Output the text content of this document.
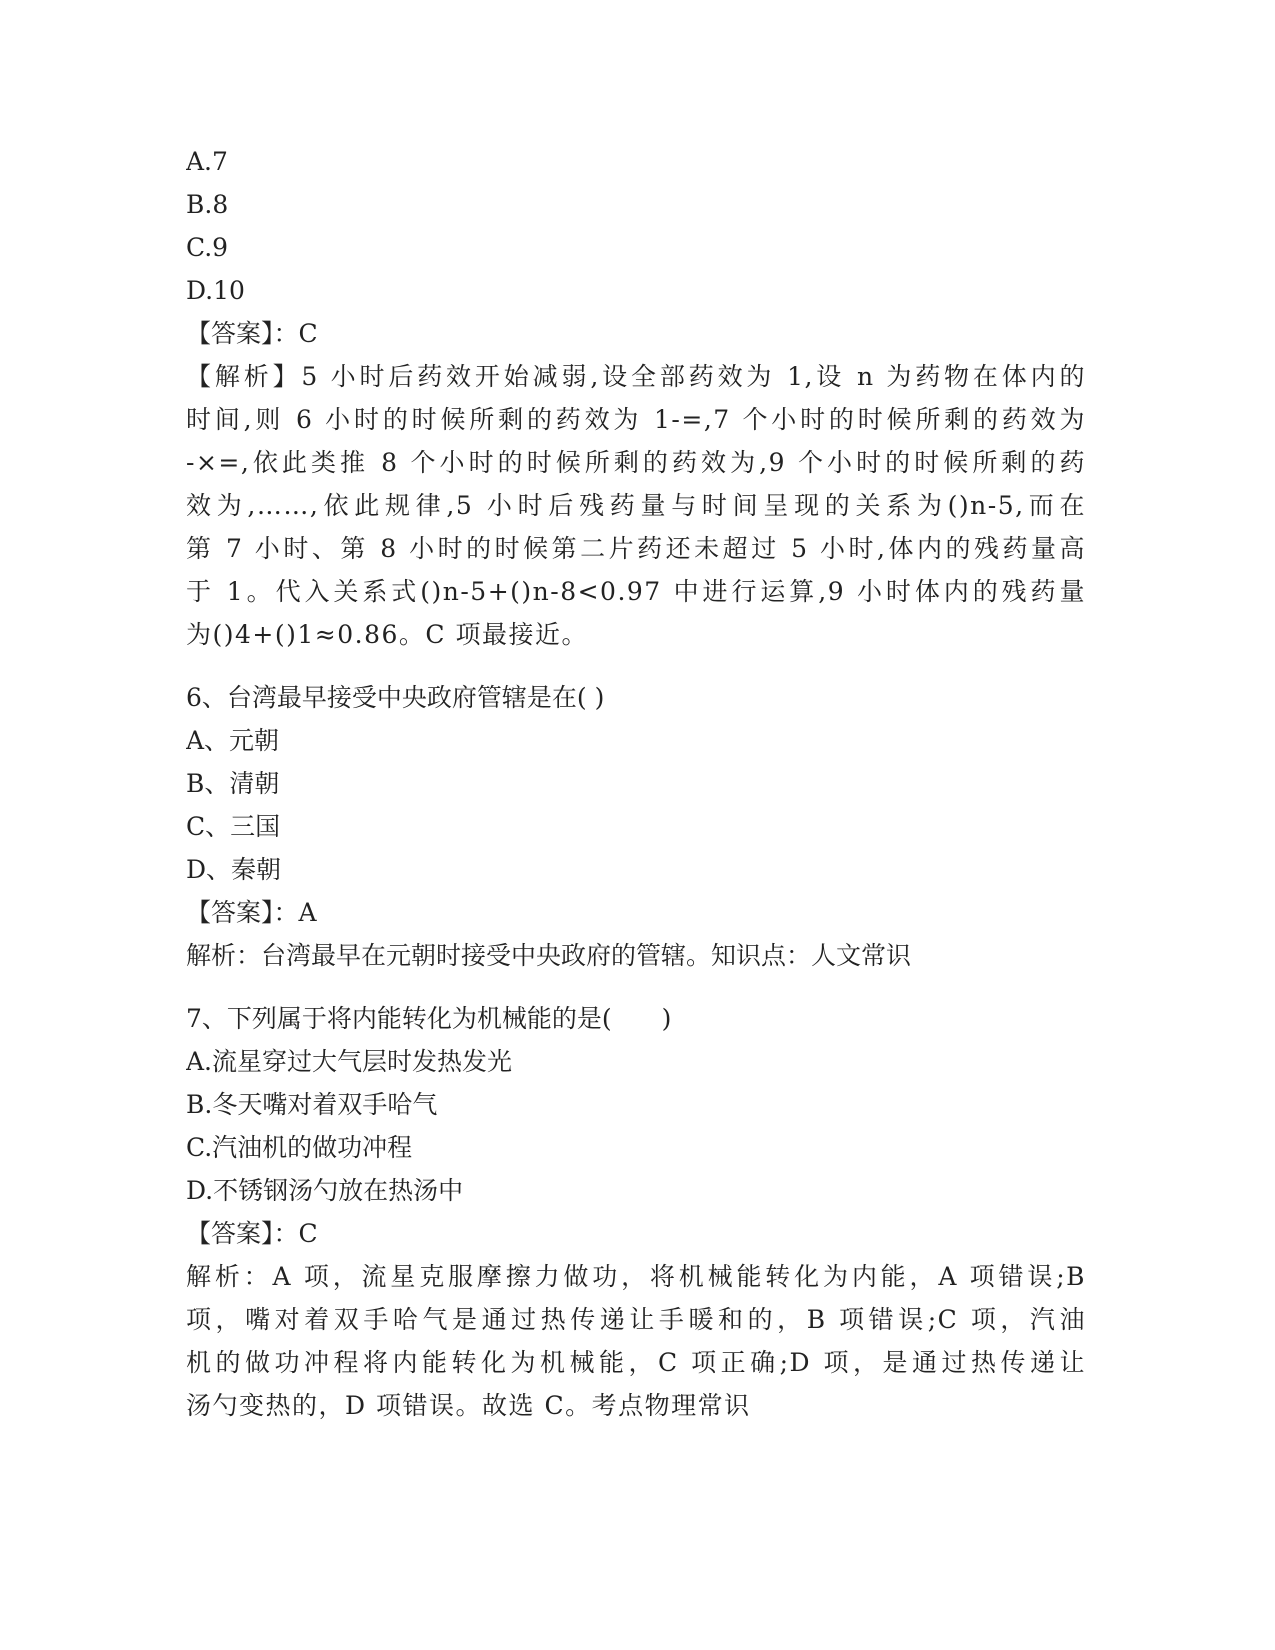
A.7
B.8
C.9
D.10
【答案】：C
【解析】5 小时后药效开始减弱,设全部药效为 1,设 n 为药物在体内的
时间,则 6 小时的时候所剩的药效为 1-=,7 个小时的时候所剩的药效为
-×=,依此类推 8 个小时的时候所剩的药效为,9 个小时的时候所剩的药
效为,……,依此规律,5 小时后残药量与时间呈现的关系为()n-5,而在
第 7 小时、第 8 小时的时候第二片药还未超过 5 小时,体内的残药量高
于 1。代入关系式()n-5+()n-8<0.97 中进行运算,9 小时体内的残药量
为()4+()1≈0.86。C 项最接近。
6、台湾最早接受中央政府管辖是在( )
A、元朝
B、清朝
C、三国
D、秦朝
【答案】：A
解析：台湾最早在元朝时接受中央政府的管辖。知识点：人文常识
7、下列属于将内能转化为机械能的是(　　)
A.流星穿过大气层时发热发光
B.冬天嘴对着双手哈气
C.汽油机的做功冲程
D.不锈钢汤勺放在热汤中
【答案】：C
解析：A 项，流星克服摩擦力做功，将机械能转化为内能，A 项错误;B
项，嘴对着双手哈气是通过热传递让手暖和的，B 项错误;C 项，汽油
机的做功冲程将内能转化为机械能，C 项正确;D 项，是通过热传递让
汤勺变热的，D 项错误。故选 C。考点物理常识
